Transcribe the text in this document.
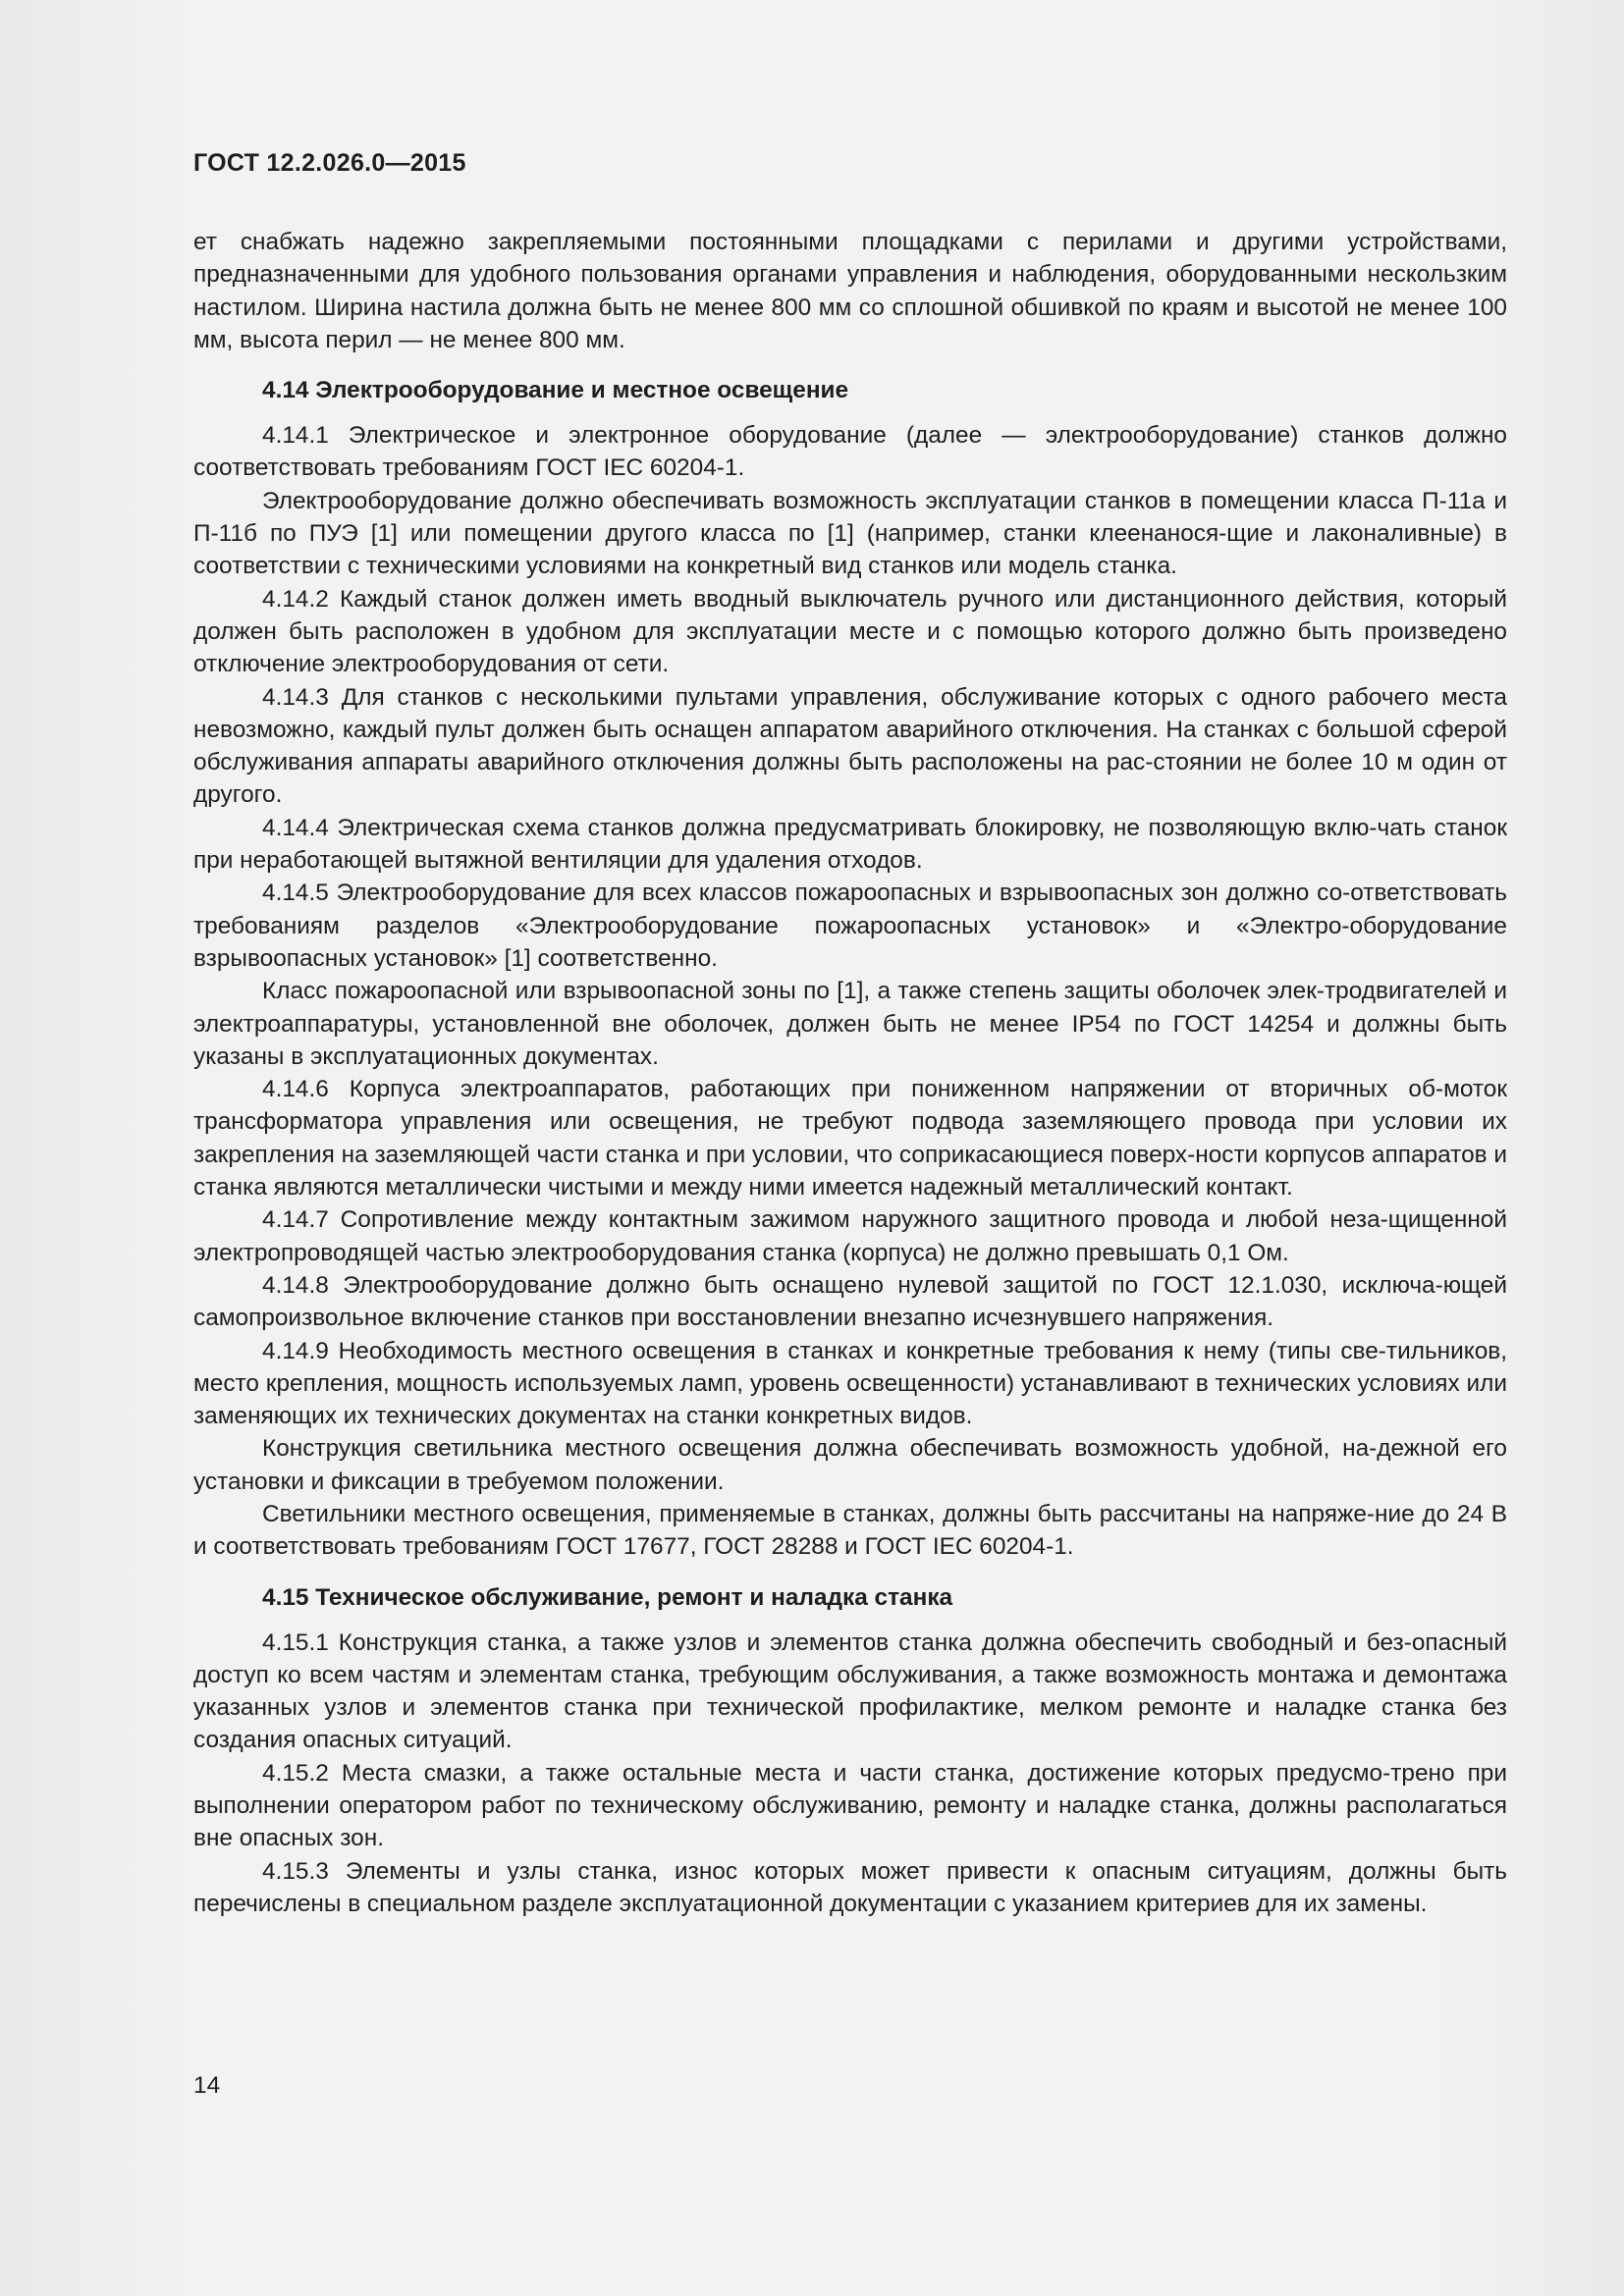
ГОСТ 12.2.026.0—2015

ет снабжать надежно закрепляемыми постоянными площадками с перилами и другими устройствами, предназначенными для удобного пользования органами управления и наблюдения, оборудованными нескользким настилом. Ширина настила должна быть не менее 800 мм со сплошной обшивкой по краям и высотой не менее 100 мм, высота перил — не менее 800 мм.

4.14 Электрооборудование и местное освещение

4.14.1 Электрическое и электронное оборудование (далее — электрооборудование) станков должно соответствовать требованиям ГОСТ IEC 60204-1.

Электрооборудование должно обеспечивать возможность эксплуатации станков в помещении класса П-11а и П-11б по ПУЭ [1] или помещении другого класса по [1] (например, станки клеенанося-щие и лаконаливные) в соответствии с техническими условиями на конкретный вид станков или модель станка.

4.14.2 Каждый станок должен иметь вводный выключатель ручного или дистанционного действия, который должен быть расположен в удобном для эксплуатации месте и с помощью которого должно быть произведено отключение электрооборудования от сети.

4.14.3 Для станков с несколькими пультами управления, обслуживание которых с одного рабочего места невозможно, каждый пульт должен быть оснащен аппаратом аварийного отключения. На станках с большой сферой обслуживания аппараты аварийного отключения должны быть расположены на рас-стоянии не более 10 м один от другого.

4.14.4 Электрическая схема станков должна предусматривать блокировку, не позволяющую вклю-чать станок при неработающей вытяжной вентиляции для удаления отходов.

4.14.5 Электрооборудование для всех классов пожароопасных и взрывоопасных зон должно со-ответствовать требованиям разделов «Электрооборудование пожароопасных установок» и «Электро-оборудование взрывоопасных установок» [1] соответственно.

Класс пожароопасной или взрывоопасной зоны по [1], а также степень защиты оболочек элек-тродвигателей и электроаппаратуры, установленной вне оболочек, должен быть не менее IP54 по ГОСТ 14254 и должны быть указаны в эксплуатационных документах.

4.14.6 Корпуса электроаппаратов, работающих при пониженном напряжении от вторичных об-моток трансформатора управления или освещения, не требуют подвода заземляющего провода при условии их закрепления на заземляющей части станка и при условии, что соприкасающиеся поверх-ности корпусов аппаратов и станка являются металлически чистыми и между ними имеется надежный металлический контакт.

4.14.7 Сопротивление между контактным зажимом наружного защитного провода и любой неза-щищенной электропроводящей частью электрооборудования станка (корпуса) не должно превышать 0,1 Ом.

4.14.8 Электрооборудование должно быть оснащено нулевой защитой по ГОСТ 12.1.030, исключа-ющей самопроизвольное включение станков при восстановлении внезапно исчезнувшего напряжения.

4.14.9 Необходимость местного освещения в станках и конкретные требования к нему (типы све-тильников, место крепления, мощность используемых ламп, уровень освещенности) устанавливают в технических условиях или заменяющих их технических документах на станки конкретных видов.

Конструкция светильника местного освещения должна обеспечивать возможность удобной, на-дежной его установки и фиксации в требуемом положении.

Светильники местного освещения, применяемые в станках, должны быть рассчитаны на напряже-ние до 24 В и соответствовать требованиям ГОСТ 17677, ГОСТ 28288 и ГОСТ IEC 60204-1.

4.15 Техническое обслуживание, ремонт и наладка станка

4.15.1 Конструкция станка, а также узлов и элементов станка должна обеспечить свободный и без-опасный доступ ко всем частям и элементам станка, требующим обслуживания, а также возможность монтажа и демонтажа указанных узлов и элементов станка при технической профилактике, мелком ремонте и наладке станка без создания опасных ситуаций.

4.15.2 Места смазки, а также остальные места и части станка, достижение которых предусмо-трено при выполнении оператором работ по техническому обслуживанию, ремонту и наладке станка, должны располагаться вне опасных зон.

4.15.3 Элементы и узлы станка, износ которых может привести к опасным ситуациям, должны быть перечислены в специальном разделе эксплуатационной документации с указанием критериев для их замены.

14
